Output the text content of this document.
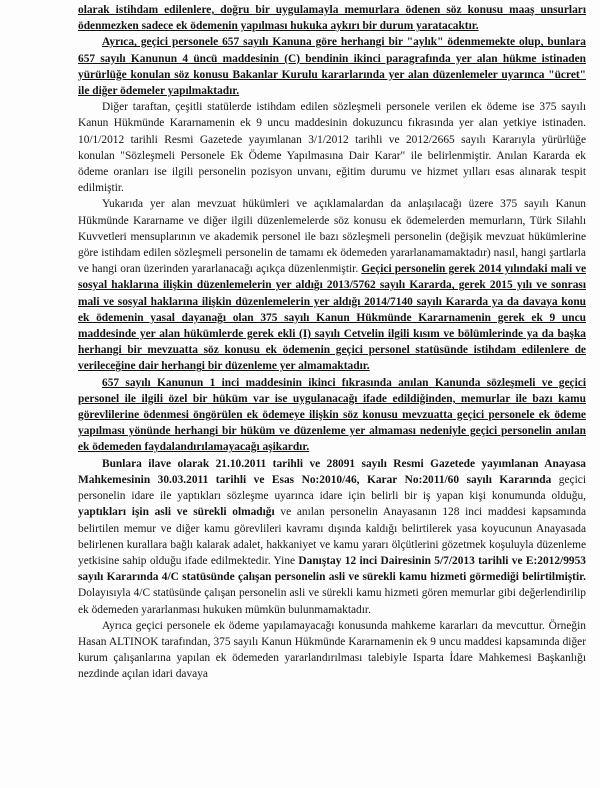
olarak istihdam edilenlere, doğru bir uygulamayla memurlara ödenen söz konusu maaş unsurları ödenmezken sadece ek ödemenin yapılması hukuka aykırı bir durum yaratacaktır.

Ayrıca, geçici personele 657 sayılı Kanuna göre herhangi bir "aylık" ödenmemekte olup, bunlara 657 sayılı Kanunun 4 üncü maddesinin (C) bendinin ikinci paragrafında yer alan hükme istinaden yürürlüğe konulan söz konusu Bakanlar Kurulu kararlarında yer alan düzenlemeler uyarınca "ücret" ile diğer ödemeler yapılmaktadır.

Diğer taraftan, çeşitli statülerde istihdam edilen sözleşmeli personele verilen ek ödeme ise 375 sayılı Kanun Hükmünde Kararnamenin ek 9 uncu maddesinin dokuzuncu fıkrasında yer alan yetkiye istinaden. 10/1/2012 tarihli Resmi Gazetede yayımlanan 3/1/2012 tarihli ve 2012/2665 sayılı Kararıyla yürürlüğe konulan "Sözleşmeli Personele Ek Ödeme Yapılmasına Dair Karar" ile belirlenmiştir. Anılan Kararda ek ödeme oranları ise ilgili personelin pozisyon unvanı, eğitim durumu ve hizmet yılları esas alınarak tespit edilmiştir.

Yukarıda yer alan mevzuat hükümleri ve açıklamalardan da anlaşılacağı üzere 375 sayılı Kanun Hükmünde Kararname ve diğer ilgili düzenlemelerde söz konusu ek ödemelerden memurların, Türk Silahlı Kuvvetleri mensuplarının ve akademik personel ile bazı sözleşmeli personelin (değişik mevzuat hükümlerine göre istihdam edilen sözleşmeli personelin de tamamı ek ödemeden yararlanamamaktadır) nasıl, hangi şartlarla ve hangi oran üzerinden yararlanacağı açıkça düzenlenmiştir. Geçici personelin gerek 2014 yılındaki mali ve sosyal haklarına ilişkin düzenlemelerin yer aldığı 2013/5762 sayılı Kararda, gerek 2015 yılı ve sonrası mali ve sosyal haklarına ilişkin düzenlemelerin yer aldığı 2014/7140 sayılı Kararda ya da davaya konu ek ödemenin yasal dayanağı olan 375 sayılı Kanun Hükmünde Kararnamenin gerek ek 9 uncu maddesinde yer alan hükümlerde gerek ekli (I) sayılı Cetvelin ilgili kısım ve bölümlerinde ya da başka herhangi bir mevzuatta söz konusu ek ödemenin geçici personel statüsünde istihdam edilenlere de verileceğine dair herhangi bir düzenleme yer almamaktadır.

657 sayılı Kanunun 1 inci maddesinin ikinci fıkrasında anılan Kanunda sözleşmeli ve geçici personel ile ilgili özel bir hüküm var ise uygulanacağı ifade edildiğinden, memurlar ile bazı kamu görevlilerine ödenmesi öngörülen ek ödemeye ilişkin söz konusu mevzuatta geçici personele ek ödeme yapılması yönünde herhangi bir hüküm ve düzenleme yer almaması nedeniyle geçici personelin anılan ek ödemeden faydalandırılamayacağı aşikardır.

Bunlara ilave olarak 21.10.2011 tarihli ve 28091 sayılı Resmi Gazetede yayımlanan Anayasa Mahkemesinin 30.03.2011 tarihli ve Esas No:2010/46, Karar No:2011/60 sayılı Kararında geçici personelin idare ile yaptıkları sözleşme uyarınca idare için belirli bir iş yapan kişi konumunda olduğu, yaptıkları işin asli ve sürekli olmadığı ve anılan personelin Anayasanın 128 inci maddesi kapsamında belirtilen memur ve diğer kamu görevlileri kavramı dışında kaldığı belirtilerek yasa koyucunun Anayasada belirlenen kurallara bağlı kalarak adalet, hakkaniyet ve kamu yararı ölçütlerini gözetmek koşuluyla düzenleme yetkisine sahip olduğu ifade edilmektedir. Yine Danıştay 12 inci Dairesinin 5/7/2013 tarihli ve E:2012/9953 sayılı Kararında 4/C statüsünde çalışan personelin asli ve sürekli kamu hizmeti görmediği belirtilmiştir. Dolayısıyla 4/C statüsünde çalışan personelin asli ve sürekli kamu hizmeti gören memurlar gibi değerlendirilip ek ödemeden yararlanması hukuken mümkün bulunmamaktadır.

Ayrıca geçici personele ek ödeme yapılamayacağı konusunda mahkeme kararları da mevcuttur. Örneğin Hasan ALTINOK tarafından, 375 sayılı Kanun Hükmünde Kararnamenin ek 9 uncu maddesi kapsamında diğer kurum çalışanlarına yapılan ek ödemeden yararlandırılması talebiyle Isparta İdare Mahkemesi Başkanlığı nezdinde açılan idari davaya
